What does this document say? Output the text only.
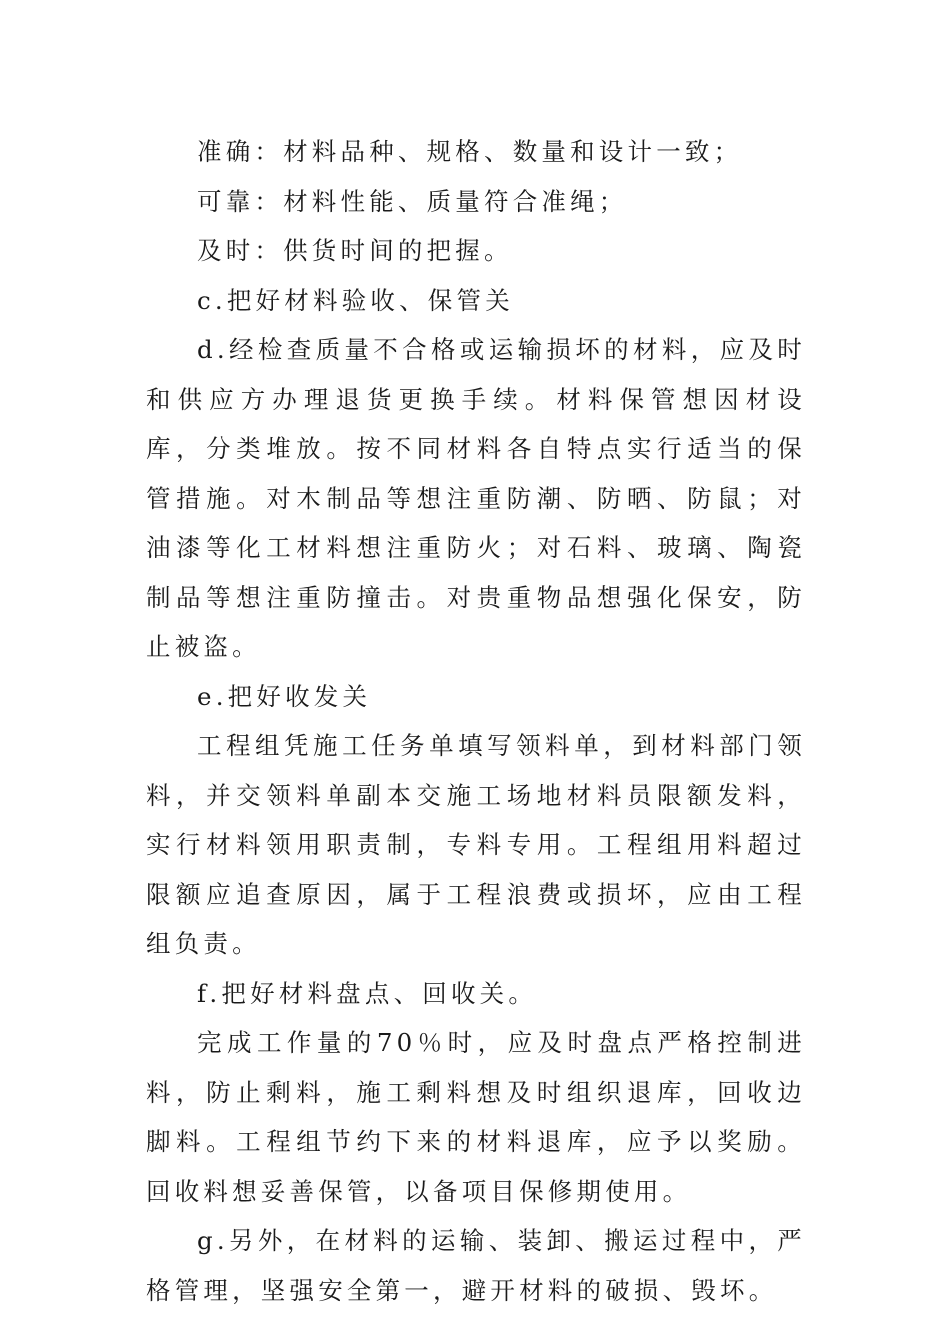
准确：材料品种、规格、数量和设计一致；

可靠：材料性能、质量符合准绳；

及时：供货时间的把握。

c.把好材料验收、保管关

d.经检查质量不合格或运输损坏的材料，应及时和供应方办理退货更换手续。材料保管想因材设库，分类堆放。按不同材料各自特点实行适当的保管措施。对木制品等想注重防潮、防晒、防鼠；对油漆等化工材料想注重防火；对石料、玻璃、陶瓷制品等想注重防撞击。对贵重物品想强化保安，防止被盗。

e.把好收发关

工程组凭施工任务单填写领料单，到材料部门领料，并交领料单副本交施工场地材料员限额发料，实行材料领用职责制，专料专用。工程组用料超过限额应追查原因，属于工程浪费或损坏，应由工程组负责。

f.把好材料盘点、回收关。

完成工作量的70％时，应及时盘点严格控制进料，防止剩料，施工剩料想及时组织退库，回收边脚料。工程组节约下来的材料退库，应予以奖励。回收料想妥善保管，以备项目保修期使用。

g.另外，在材料的运输、装卸、搬运过程中，严格管理，坚强安全第一，避开材料的破损、毁坏。
